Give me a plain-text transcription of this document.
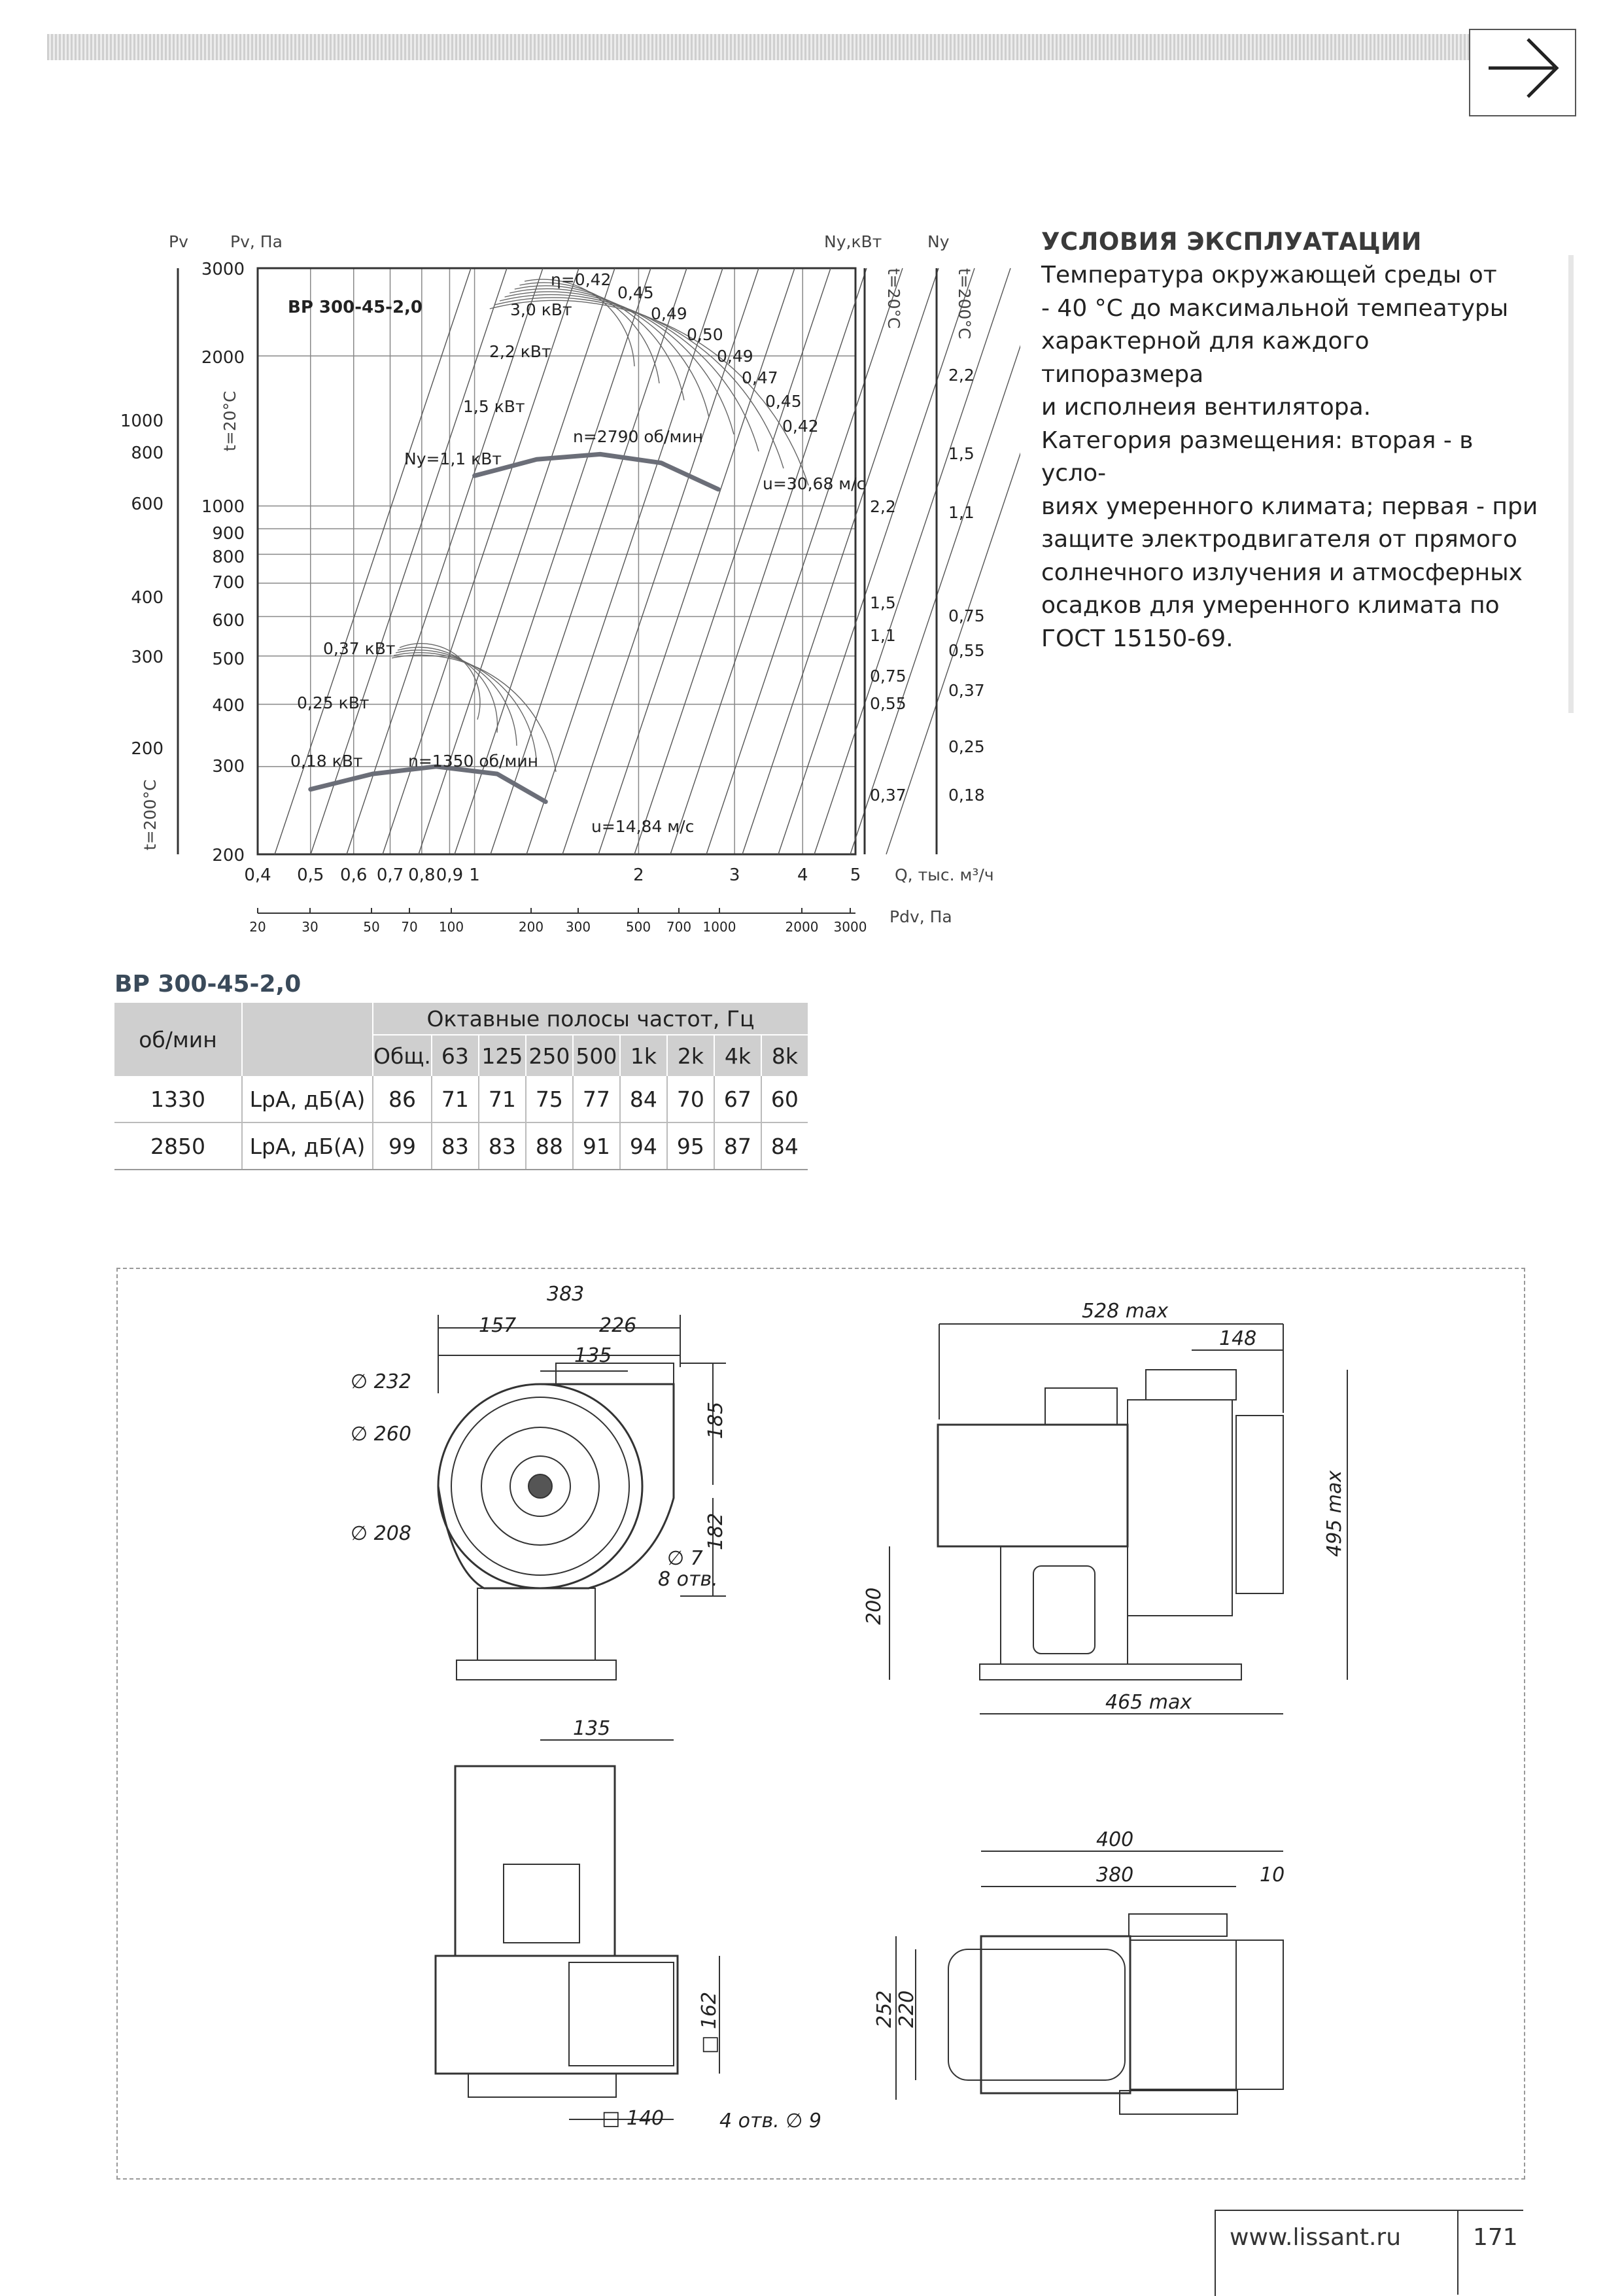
УСЛОВИЯ ЭКСПЛУАТАЦИИ
Температура окружающей среды от
- 40 °С до максимальной темпеатуры
характерной для каждого типоразмера
и исполнеия вентилятора.
Категория размещения: вторая - в усло-
виях умеренного климата; первая - при
защите электродвигателя от прямого
солнечного излучения и атмосферных
осадков для умеренного климата по
ГОСТ 15150-69.
Pv	Pv, Па	Ny,кВт	Ny
t=20°С
t=200°С
t=20°С	t=200°С
Q, тыс. м³/ч
Pdv, Па
3000
2000
1000
900
800
700
600
500
400
300
200
1000
800
600
400
300
200
2,2
1,5
1,1
0,75
0,55
0,37
2,2
1,5
1,1
0,75
0,55
0,37
0,25
0,18
0,4 0,5 0,6 0,7 0,8 0,9 1	2	3	4 5
20	30	50 70 100	200 300	500 700 1000	2000 3000
ВР 300-45-2,0
η=0,42
0,45
0,49
0,50
0,49
0,47
0,45
0,42
3,0 кВт
2,2 кВт
1,5 кВт
Ny=1,1 кВт
0,37 кВт
0,25 кВт
0,18 кВт
n=2790 об/мин
n=1350 об/мин
u=30,68 м/с
u=14,84 м/с
ВР 300-45-2,0
об/мин		Октавные полосы частот, Гц								
		Общ.	63	125	250	500	1k	2k	4k	8k
1330	LpA, дБ(А)	86	71	71	75	77	84	70	67	60
2850	LpA, дБ(А)	99	83	83	88	91	94	95	87	84
383
157	226
135
185
182
∅ 232
∅ 260
∅ 208
∅ 7
8 отв.
528 max
148
495 max
200
465 max
135
□ 162
□ 140	4 отв. ∅ 9
400
380	10
252 220
www.lissant.ru	171
